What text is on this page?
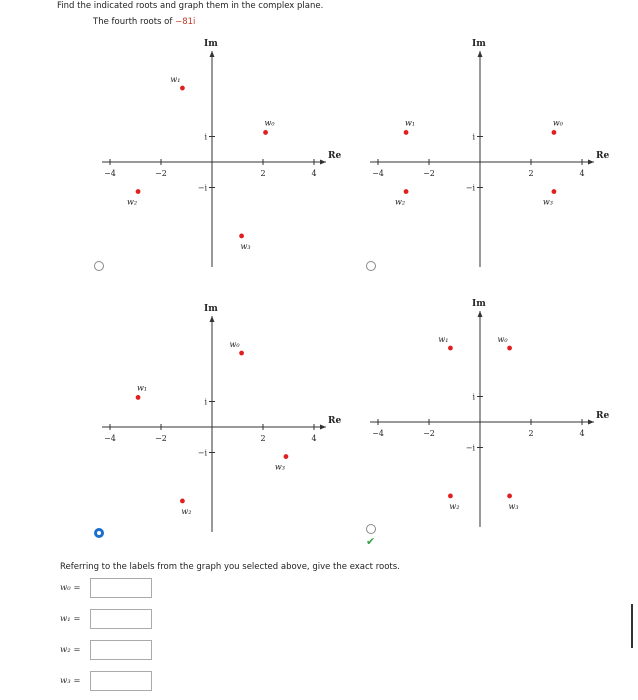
Find the indicated roots and graph them in the complex plane.
The fourth roots of −81i
Im
Re
−4	−2	2	4
i
−i
w₀
w₁
w₂
w₃
Im
Re
−4	−2	2	4
i
−i
w₀
w₁
w₂	w₃
Im
Re
−4	−2	2	4
i
−i
w₀
w₁
w₂
w₃
Im
Re
−4	−2	2	4
i
−i
w₀
w₁
w₂	w₃
✔
Referring to the labels from the graph you selected above, give the exact roots.
w₀ =
w₁ =
w₂ =
w₃ =
